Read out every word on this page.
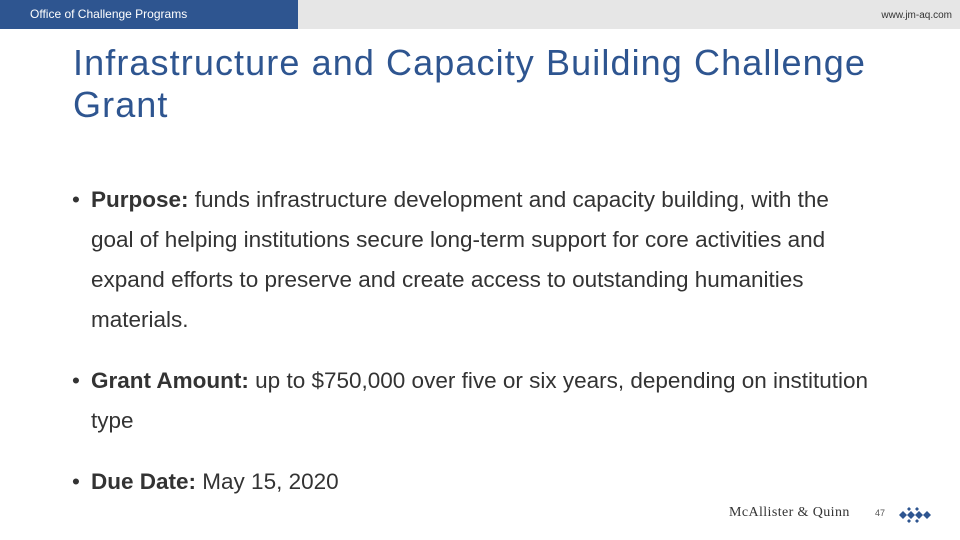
Office of Challenge Programs	www.jm-aq.com
Infrastructure and Capacity Building Challenge Grant
• Purpose: funds infrastructure development and capacity building, with the goal of helping institutions secure long-term support for core activities and expand efforts to preserve and create access to outstanding humanities materials.
• Grant Amount: up to $750,000 over five or six years, depending on institution type
• Due Date: May 15, 2020
McAllister & Quinn	47
